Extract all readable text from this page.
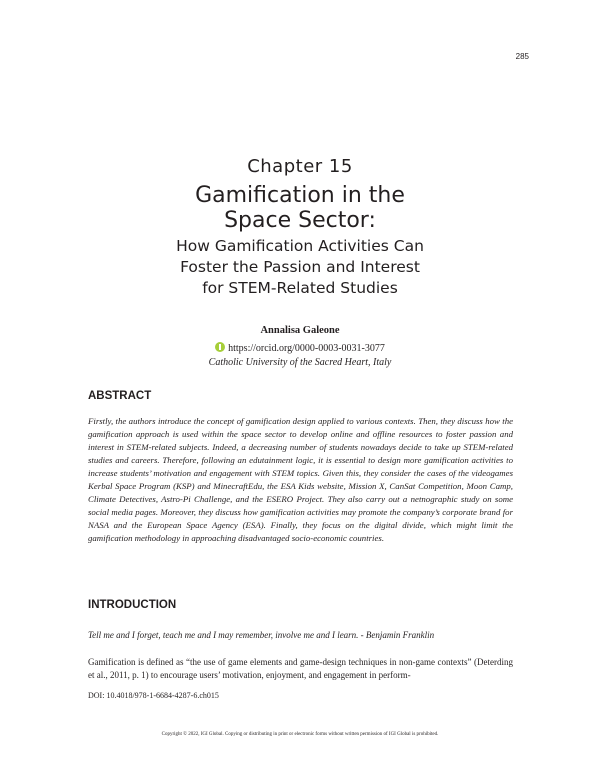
285
Chapter 15
Gamification in the
Space Sector:
How Gamification Activities Can
Foster the Passion and Interest
for STEM-Related Studies
Annalisa Galeone
https://orcid.org/0000-0003-0031-3077
Catholic University of the Sacred Heart, Italy
ABSTRACT
Firstly, the authors introduce the concept of gamification design applied to various contexts. Then, they discuss how the gamification approach is used within the space sector to develop online and offline resources to foster passion and interest in STEM-related subjects. Indeed, a decreasing number of students nowadays decide to take up STEM-related studies and careers. Therefore, following an edutainment logic, it is essential to design more gamification activities to increase students’ motivation and engagement with STEM topics. Given this, they consider the cases of the videogames Kerbal Space Program (KSP) and MinecraftEdu, the ESA Kids website, Mission X, CanSat Competition, Moon Camp, Climate Detectives, Astro-Pi Challenge, and the ESERO Project. They also carry out a netnographic study on some social media pages. Moreover, they discuss how gamification activities may promote the company’s corporate brand for NASA and the European Space Agency (ESA). Finally, they focus on the digital divide, which might limit the gamification methodology in approaching disadvantaged socio-economic countries.
INTRODUCTION
Tell me and I forget, teach me and I may remember, involve me and I learn. - Benjamin Franklin
Gamification is defined as “the use of game elements and game-design techniques in non-game contexts” (Deterding et al., 2011, p. 1) to encourage users’ motivation, enjoyment, and engagement in perform-
DOI: 10.4018/978-1-6684-4287-6.ch015
Copyright © 2022, IGI Global. Copying or distributing in print or electronic forms without written permission of IGI Global is prohibited.
